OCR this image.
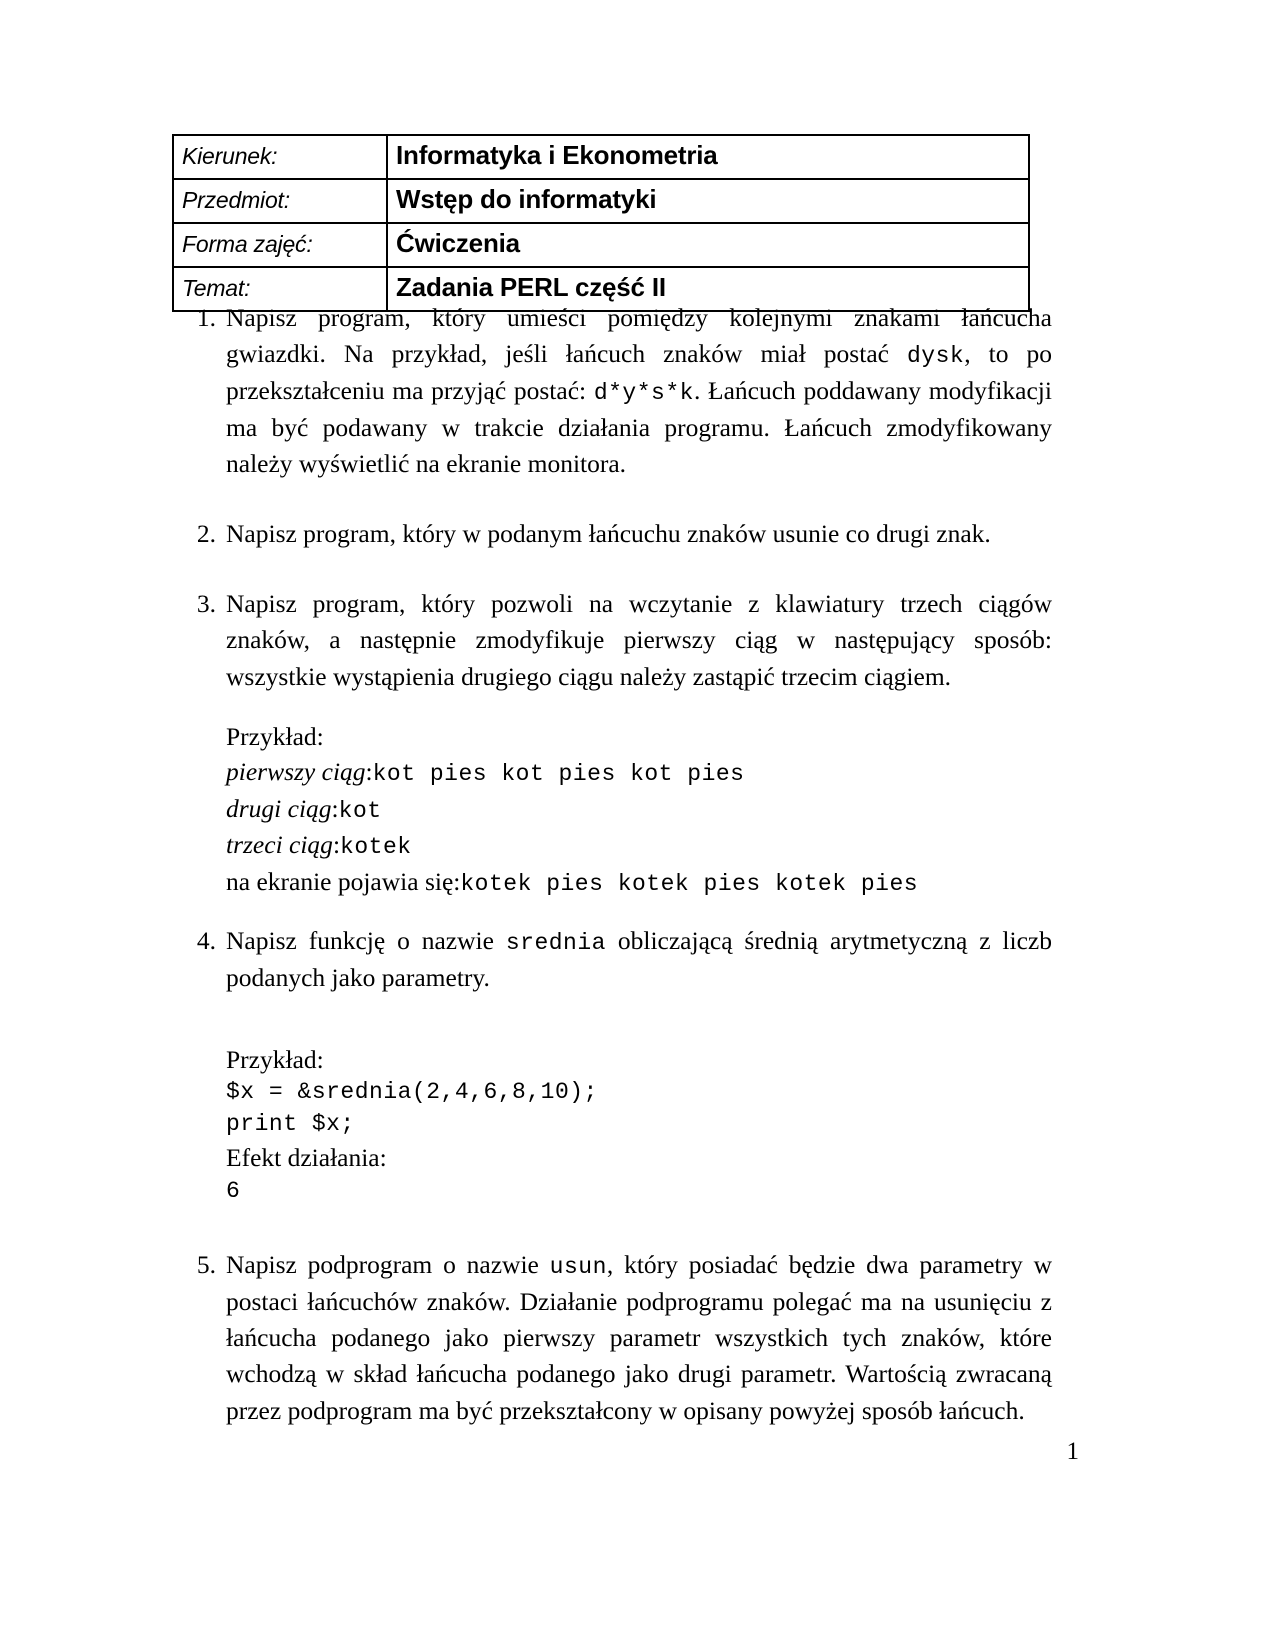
Kierunek:	Informatyka i Ekonometria
Przedmiot:	Wstęp do informatyki
Forma zajęć:	Ćwiczenia
Temat:	Zadania PERL część II
1. Napisz program, który umieści pomiędzy kolejnymi znakami łańcucha gwiazdki. Na przykład, jeśli łańcuch znaków miał postać dysk, to po przekształceniu ma przyjąć postać: d*y*s*k. Łańcuch poddawany modyfikacji ma być podawany w trakcie działania programu. Łańcuch zmodyfikowany należy wyświetlić na ekranie monitora.
2. Napisz program, który w podanym łańcuchu znaków usunie co drugi znak.
3. Napisz program, który pozwoli na wczytanie z klawiatury trzech ciągów znaków, a następnie zmodyfikuje pierwszy ciąg w następujący sposób: wszystkie wystąpienia drugiego ciągu należy zastąpić trzecim ciągiem.
Przykład:
pierwszy ciąg:kot pies kot pies kot pies
drugi ciąg:kot
trzeci ciąg:kotek
na ekranie pojawia się:kotek pies kotek pies kotek pies
4. Napisz funkcję o nazwie srednia obliczającą średnią arytmetyczną z liczb podanych jako parametry.
Przykład:
$x = &srednia(2,4,6,8,10);
print $x;
Efekt działania:
6
5. Napisz podprogram o nazwie usun, który posiadać będzie dwa parametry w postaci łańcuchów znaków. Działanie podprogramu polegać ma na usunięciu z łańcucha podanego jako pierwszy parametr wszystkich tych znaków, które wchodzą w skład łańcucha podanego jako drugi parametr. Wartością zwracaną przez podprogram ma być przekształcony w opisany powyżej sposób łańcuch.
1
